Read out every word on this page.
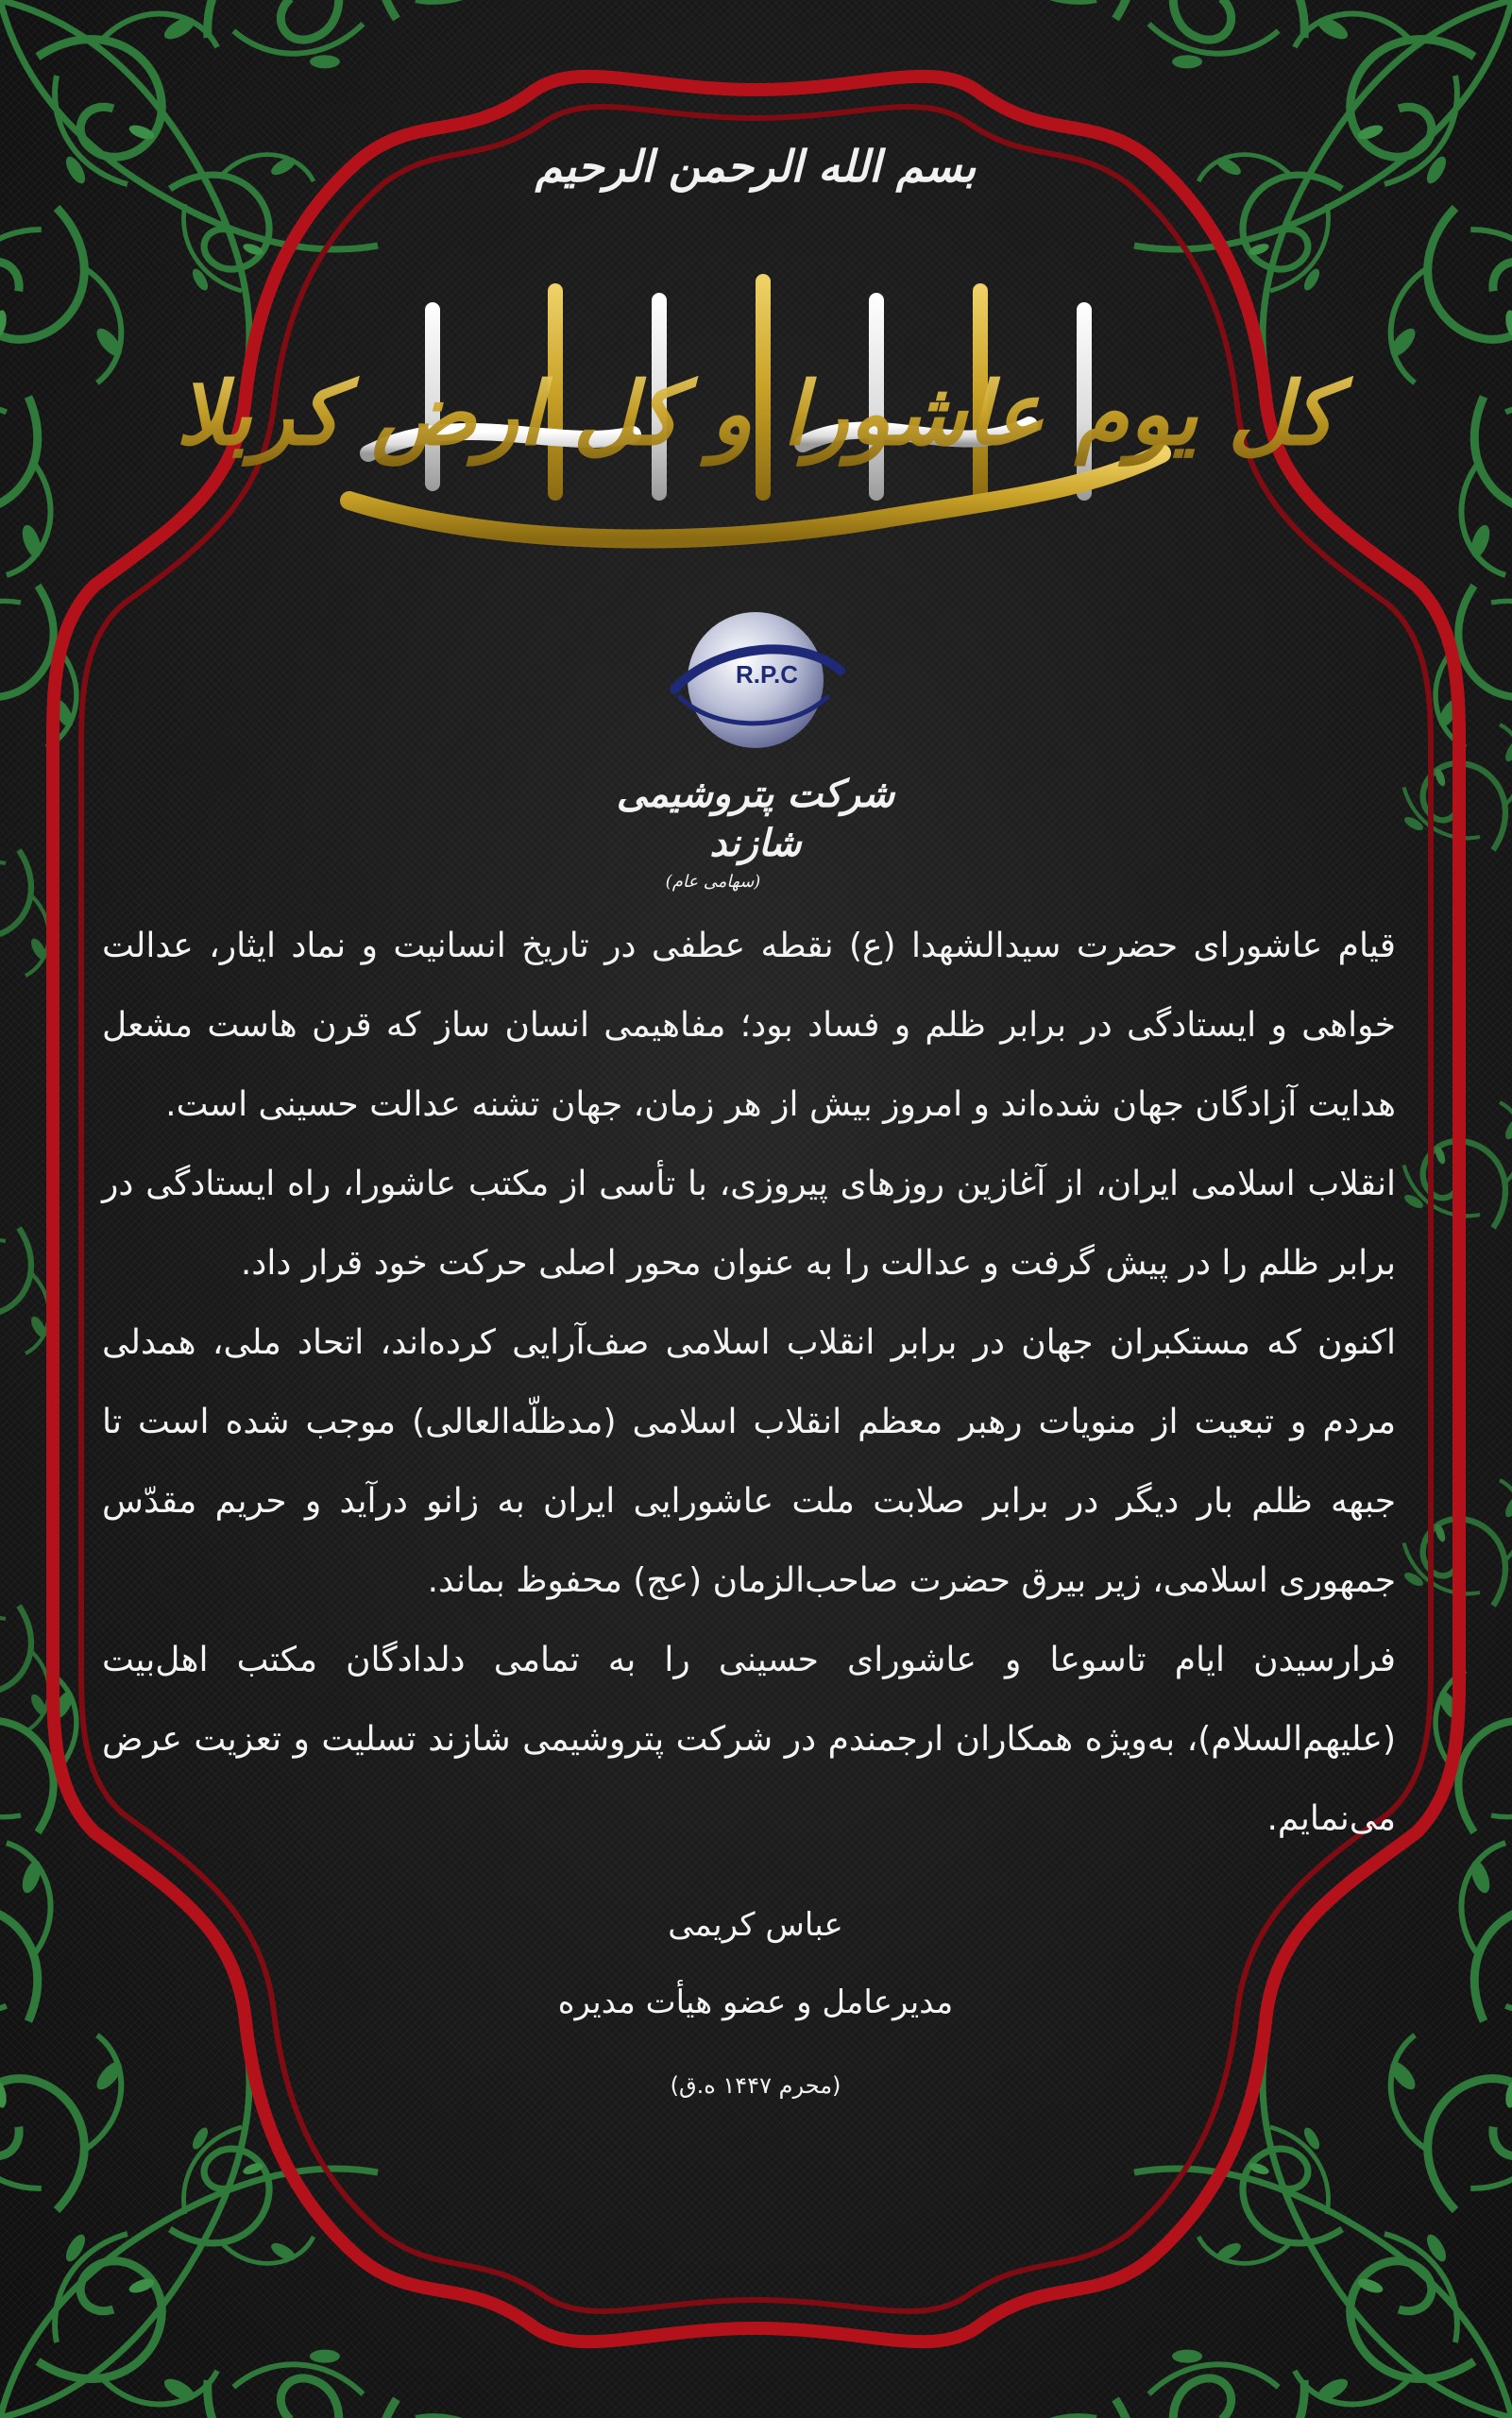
بسم الله الرحمن الرحیم
کل یوم عاشورا و کل ارض کربلا
R.P.C
شرکت پتروشیمی شازند
(سهامی عام)

قیام عاشورای حضرت سیدالشهدا (ع) نقطه عطفی در تاریخ انسانیت و نماد ایثار، عدالت خواهی و ایستادگی در برابر ظلم و فساد بود؛ مفاهیمی انسان ساز که قرن هاست مشعل هدایت آزادگان جهان شده‌اند و امروز بیش از هر زمان، جهان تشنه عدالت حسینی است.

انقلاب اسلامی ایران، از آغازین روزهای پیروزی، با تأسی از مکتب عاشورا، راه ایستادگی در برابر ظلم را در پیش گرفت و عدالت را به عنوان محور اصلی حرکت خود قرار داد.

اکنون که مستکبران جهان در برابر انقلاب اسلامی صف‌آرایی کرده‌اند، اتحاد ملی، همدلی مردم و تبعیت از منویات رهبر معظم انقلاب اسلامی (مدظلّه‌العالی) موجب شده است تا جبهه ظلم بار دیگر در برابر صلابت ملت عاشورایی ایران به زانو درآید و حریم مقدّس جمهوری اسلامی، زیر بیرق حضرت صاحب‌الزمان (عج) محفوظ بماند.

فرارسیدن ایام تاسوعا و عاشورای حسینی را به تمامی دلدادگان مکتب اهل‌بیت (علیهم‌السلام)، به‌ویژه همکاران ارجمندم در شرکت پتروشیمی شازند تسلیت و تعزیت عرض می‌نمایم.

عباس کریمی
مدیرعامل و عضو هیأت مدیره
(محرم ۱۴۴۷ ه.ق)
